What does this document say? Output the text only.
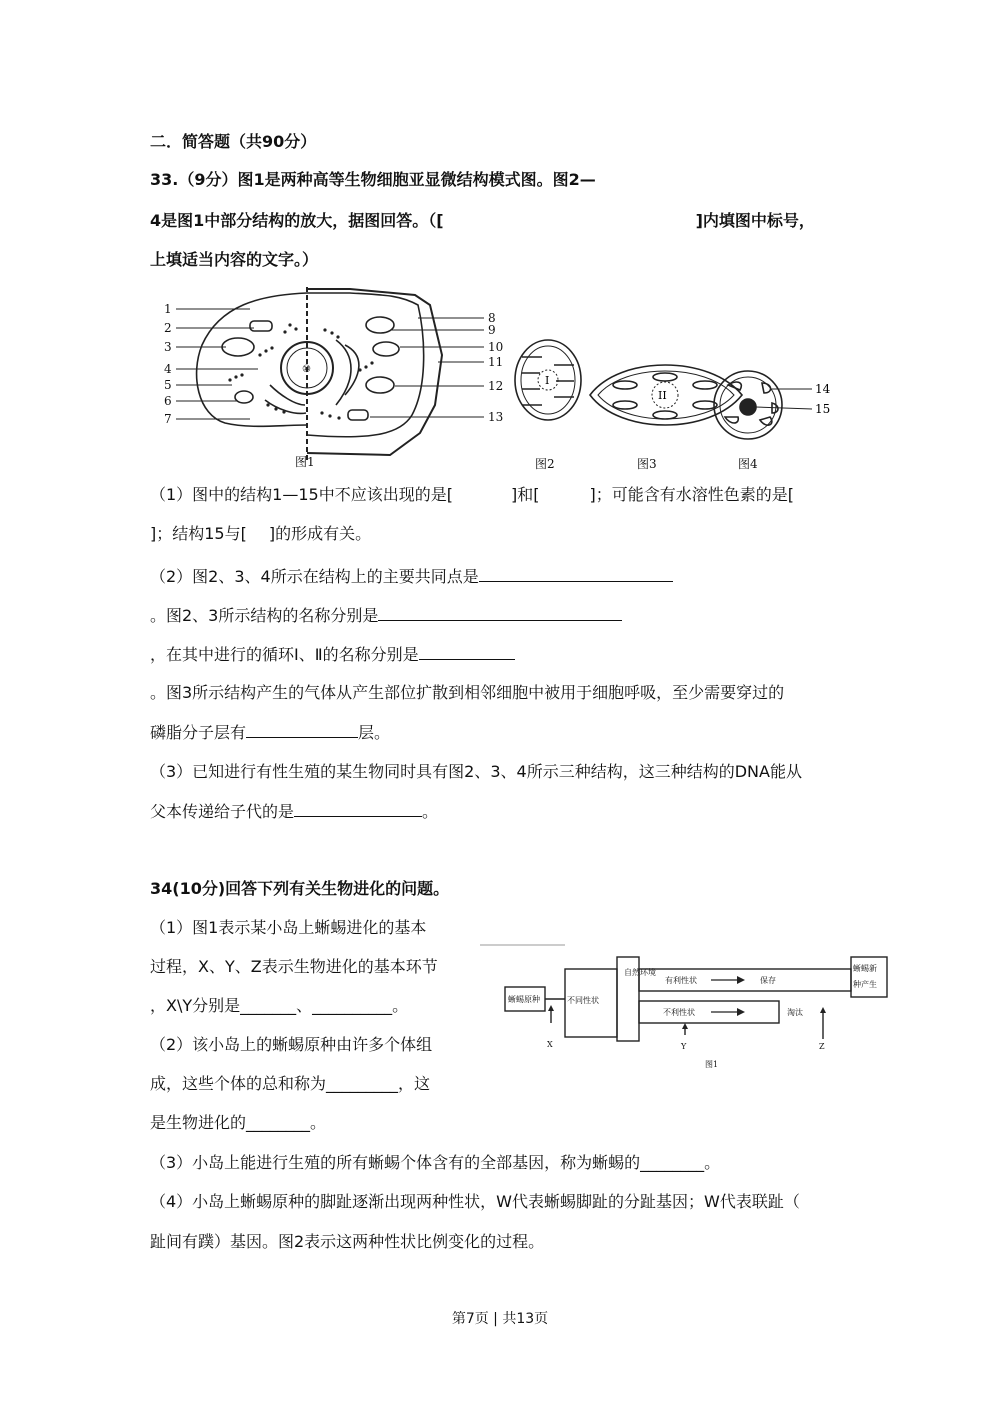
二．简答题（共90分）
33.（9分）图1是两种高等生物细胞亚显微结构模式图。图2—
4是图1中部分结构的放大，据图回答。（[	]内填图中标号，
上填适当内容的文字。）
1
2
3
4
5
6
7
8
9
10
11
12
13
⑩
I
II	14
15
图1	图2	图3	图4
（1）图中的结构1—15中不应该出现的是[	]和[	]；可能含有水溶性色素的是[
]；结构15与[ ]的形成有关。
（2）图2、3、4所示在结构上的主要共同点是
。图2、3所示结构的名称分别是
，在其中进行的循环Ⅰ、Ⅱ的名称分别是
。图3所示结构产生的气体从产生部位扩散到相邻细胞中被用于细胞呼吸，至少需要穿过的
磷脂分子层有	层。
（3）已知进行有性生殖的某生物同时具有图2、3、4所示三种结构，这三种结构的DNA能从
父本传递给子代的是	。
34(10分)回答下列有关生物进化的问题。
（1）图1表示某小岛上蜥蜴进化的基本
过程，X、Y、Z表示生物进化的基本环节
，X\Y分别是_______、__________。
（2）该小岛上的蜥蜴原种由许多个体组
成，这些个体的总和称为_________，这
是生物进化的________。
（3）小岛上能进行生殖的所有蜥蜴个体含有的全部基因，称为蜥蜴的________。
（4）小岛上蜥蜴原种的脚趾逐渐出现两种性状，W代表蜥蜴脚趾的分趾基因；W代表联趾（
趾间有蹼）基因。图2表示这两种性状比例变化的过程。
蜥蜴原种	不同性状
自然环境
有利性状	保存
不利性状	淘汰
蜥蜴新
种产生
X	Y	Z
图1
第7页 | 共13页
